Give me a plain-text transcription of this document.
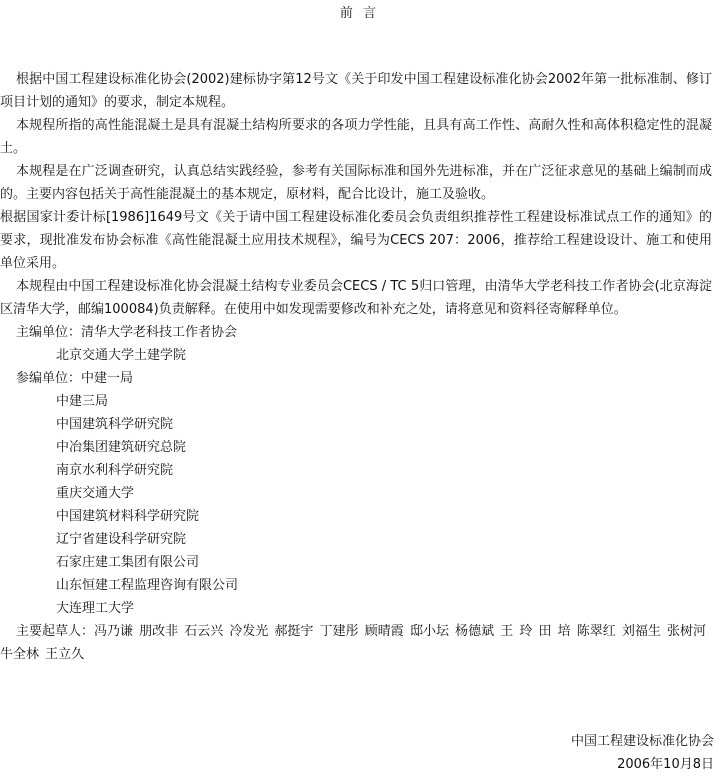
前 言

根据中国工程建设标准化协会(2002)建标协字第12号文《关于印发中国工程建设标准化协会2002年第一批标准制、修订项目计划的通知》的要求，制定本规程。

本规程所指的高性能混凝土是具有混凝土结构所要求的各项力学性能，且具有高工作性、高耐久性和高体积稳定性的混凝土。

本规程是在广泛调查研究，认真总结实践经验，参考有关国际标准和国外先进标准，并在广泛征求意见的基础上编制而成的。主要内容包括关于高性能混凝土的基本规定，原材料，配合比设计，施工及验收。

根据国家计委计标[1986]1649号文《关于请中国工程建设标准化委员会负责组织推荐性工程建设标准试点工作的通知》的要求，现批准发布协会标准《高性能混凝土应用技术规程》，编号为CECS 207：2006，推荐给工程建设设计、施工和使用单位采用。

本规程由中国工程建设标准化协会混凝土结构专业委员会CECS / TC 5归口管理，由清华大学老科技工作者协会(北京海淀区清华大学，邮编100084)负责解释。在使用中如发现需要修改和补充之处，请将意见和资料径寄解释单位。

主编单位：清华大学老科技工作者协会

北京交通大学土建学院

参编单位：中建一局

中建三局

中国建筑科学研究院

中冶集团建筑研究总院

南京水利科学研究院

重庆交通大学

中国建筑材料科学研究院

辽宁省建设科学研究院

石家庄建工集团有限公司

山东恒建工程监理咨询有限公司

大连理工大学

主要起草人：冯乃谦 朋改非 石云兴 冷发光 郝挺宇 丁建彤 顾晴霞 邸小坛 杨德斌 王 玲 田 培 陈翠红 刘福生 张树河 牛全林 王立久

中国工程建设标准化协会
2006年10月8日
